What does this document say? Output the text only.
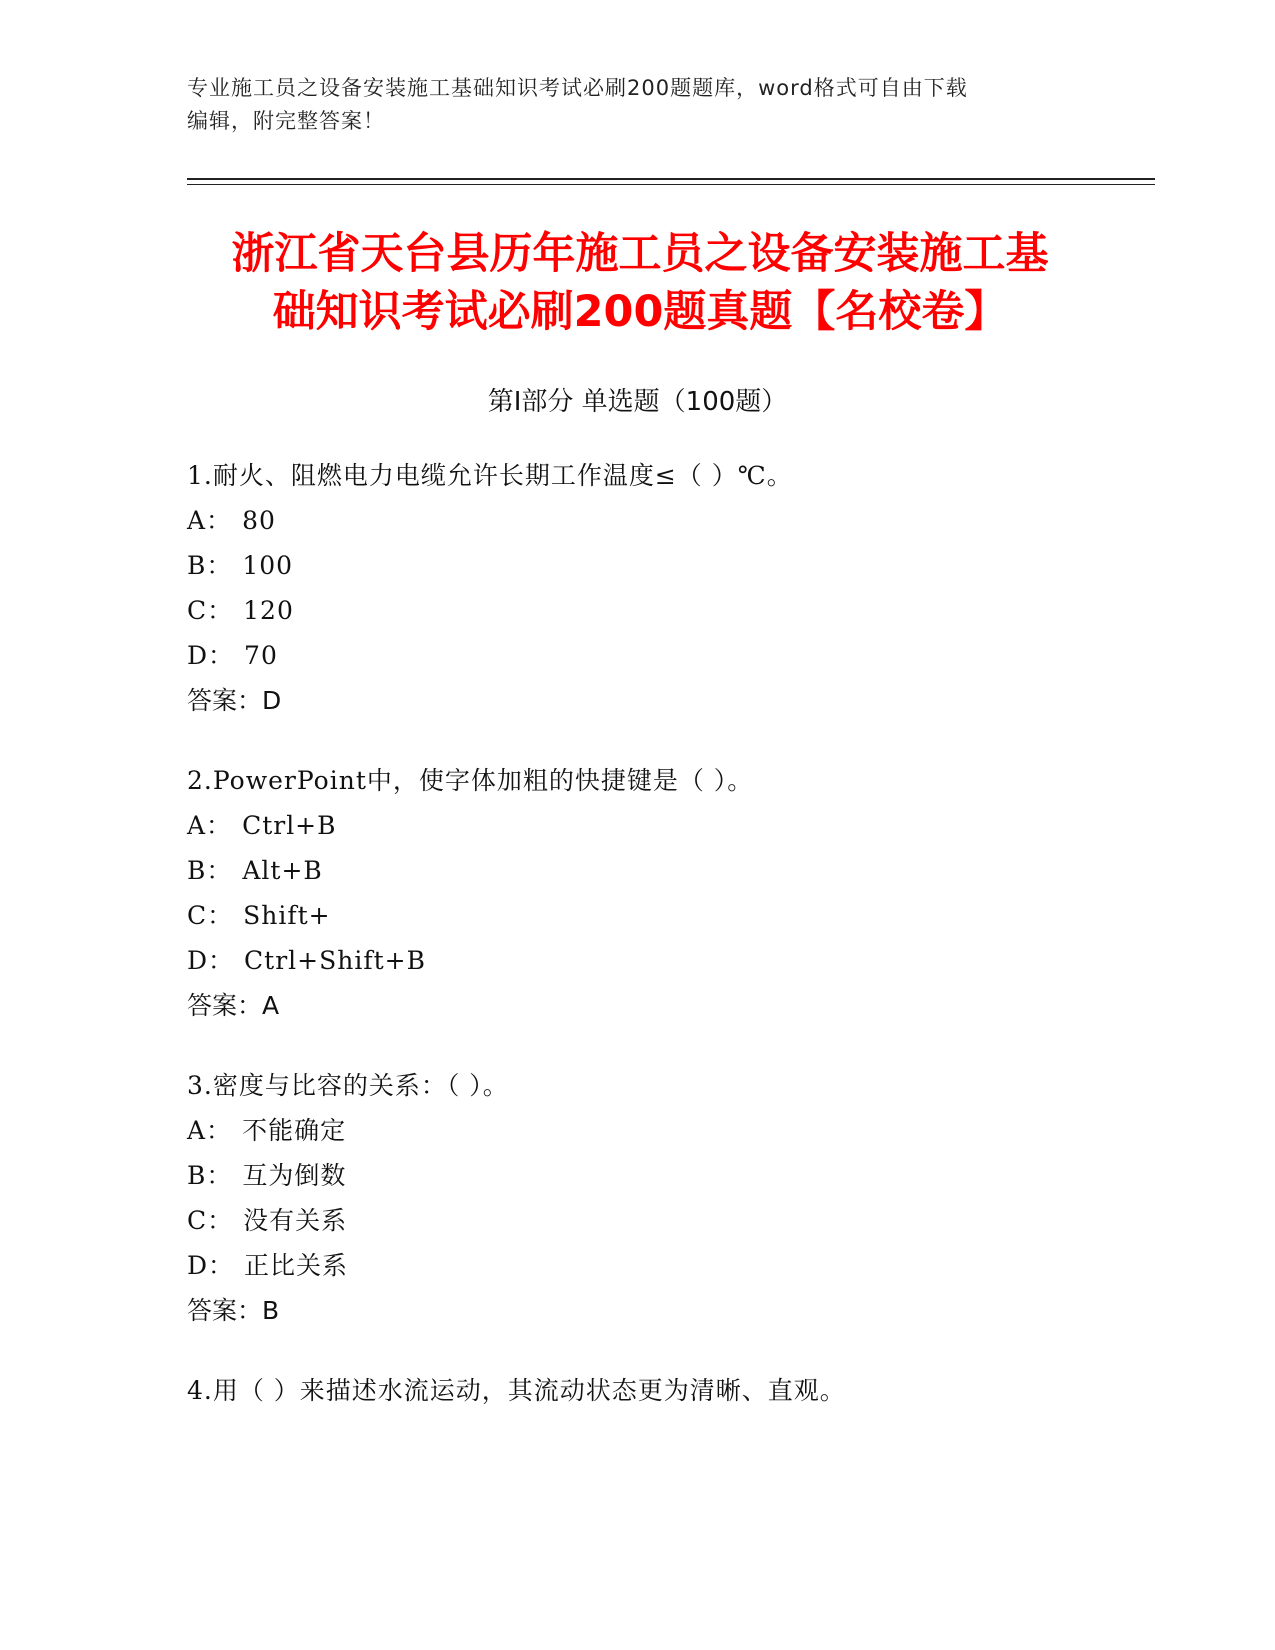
专业施工员之设备安装施工基础知识考试必刷200题题库，word格式可自由下载
编辑，附完整答案！
浙江省天台县历年施工员之设备安装施工基
础知识考试必刷200题真题【名校卷】
第Ⅰ部分 单选题（100题）
1.耐火、阻燃电力电缆允许长期工作温度≤（ ）℃。
A： 80
B： 100
C： 120
D： 70
答案：D
2.PowerPoint中，使字体加粗的快捷键是（ ）。
A： Ctrl+B
B： Alt+B
C： Shift+
D： Ctrl+Shift+B
答案：A
3.密度与比容的关系：（ ）。
A： 不能确定
B： 互为倒数
C： 没有关系
D： 正比关系
答案：B
4.用（ ）来描述水流运动，其流动状态更为清晰、直观。
